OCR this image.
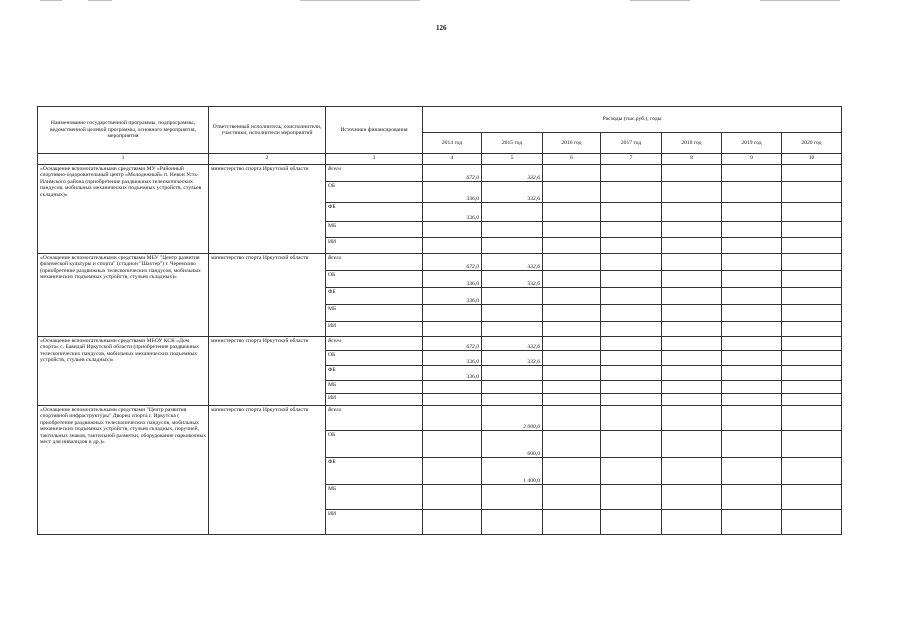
126
Наименование государственной программы, подпрограммы, ведомственной целевой программы, основного мероприятия, мероприятия	Ответственный исполнитель, соисполнители, участники, исполнители мероприятий	Источники финансирования	Расходы (тыс.руб.), годы						
			2014 год	2015 год	2016 год	2017 год	2018 год	2019 год	2020 год
1	2	3	4	5	6	7	8	9	10
«Оснащение вспомогательными средствами МУ «Районный спортивно-оздоровительный центр «Молодежный» п. Невон Усть-Илимского района (приобретение раздвижных телескопических пандусов, мобильных механических подъемных устройств, стульев складных)»	министерство спорта Иркутской области	Всего	672,0	332,6					
		ОБ	336,0	332,6					
		ФБ	336,0						
		МБ							
		ИИ							
«Оснащение вспомогательными средствами МБУ "Центр развития физической культуры и спорта" (стадион "Шахтер") г. Черемхово (приобретение раздвижных телескопических пандусов, мобильных механических подъемных устройств, стульев складных)»	министерство спорта Иркутской области	Всего	672,0	332,6					
		ОБ	336,0	332,6					
		ФБ	336,0						
		МБ							
		ИИ							
«Оснащение вспомогательными средствами МБОУ КСК «Дом спорта» с. Баяндай Иркутской области (приобретение раздвижных телескопических пандусов, мобильных механических подъемных устройств, стульев складных)»	министерство спорта Иркутской области	Всего	672,0	332,6					
		ОБ	336,0	332,6					
		ФБ	336,0						
		МБ							
		ИИ							
«Оснащение вспомогательными средствами "Центр развития спортивной инфраструктуры" Дворец спорта г. Иркутска ( приобретение раздвижных телескопических пандусов, мобильных механических подъемных устройств, стульев складных, поручней, тактильных знаков, тактильной разметки, оборудование парковочных мест для инвалидов и др.)»	министерство спорта Иркутской области	Всего		2 000,0					
		ОБ		600,0					
		ФБ		1 400,0					
		МБ							
		ИИ							
